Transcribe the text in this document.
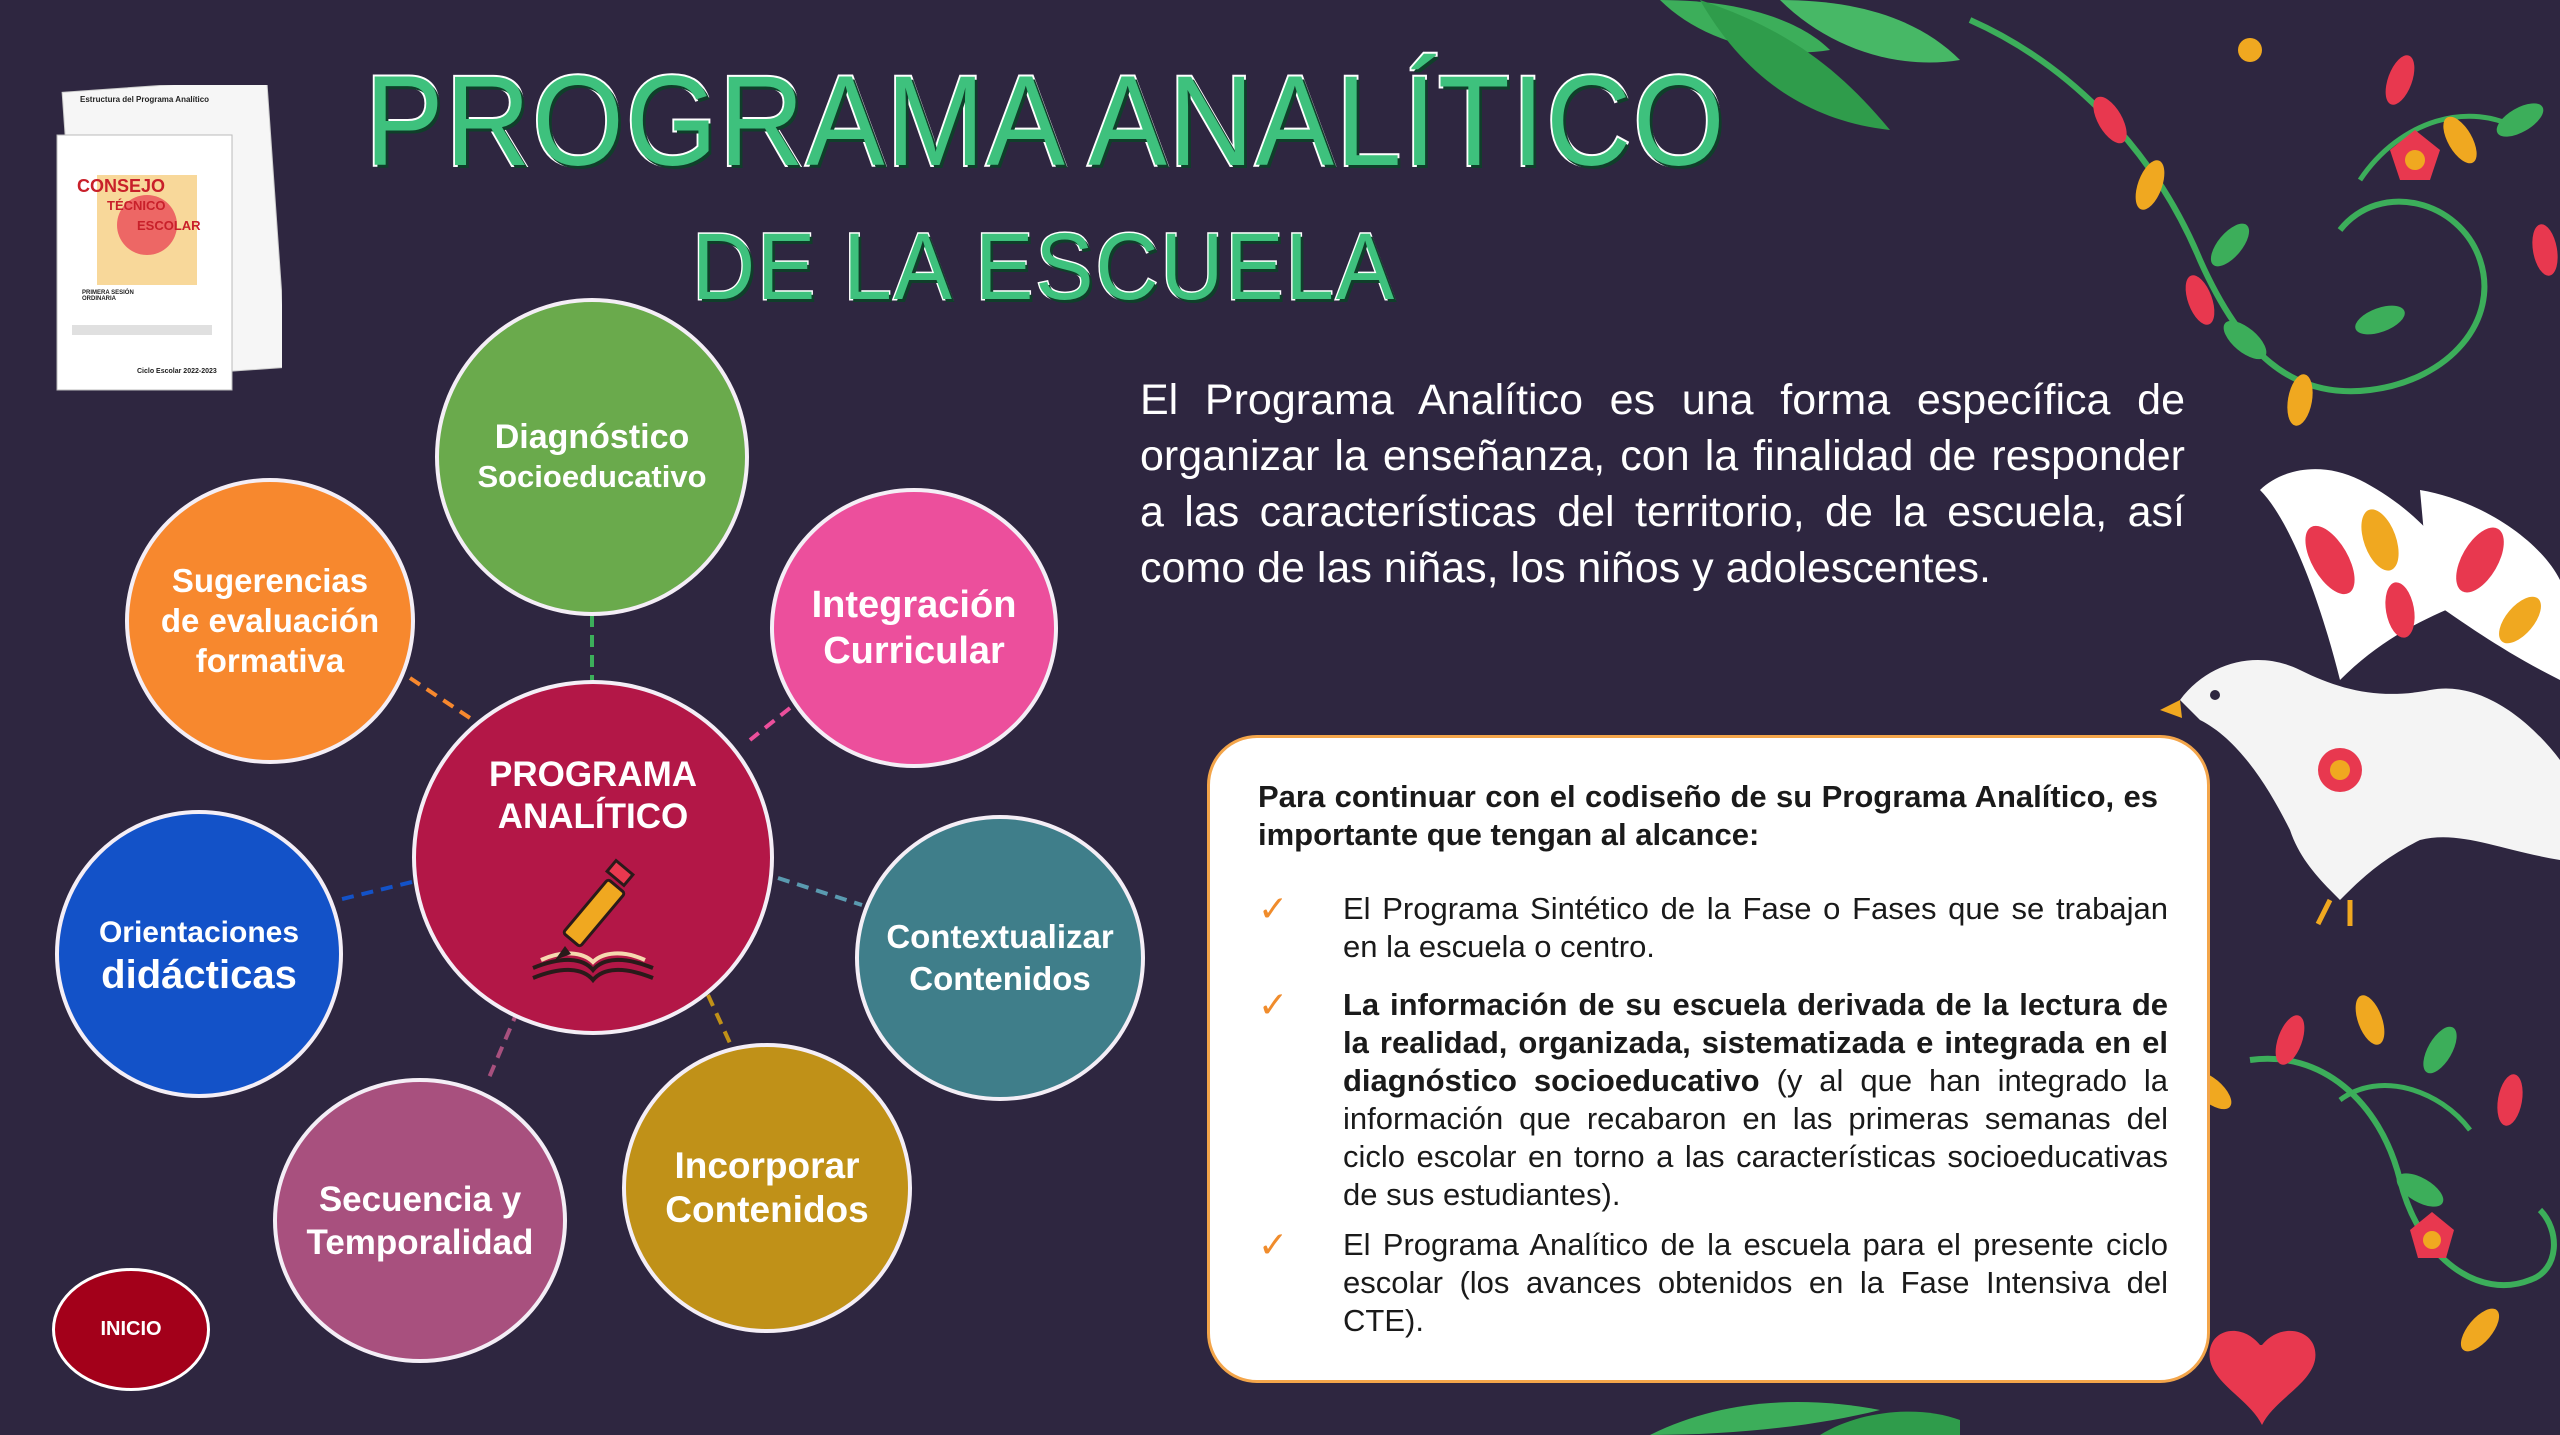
Estructura del Programa Analítico
CONSEJO
TÉCNICO
ESCOLAR
PRIMERA SESIÓN ORDINARIA
Ciclo Escolar 2022-2023
PROGRAMA ANALÍTICO
DE LA ESCUELA
El Programa Analítico es una forma específica de organizar la enseñanza, con la finalidad de responder a las características del territorio, de la escuela, así como de las niñas, los niños y adolescentes.
PROGRAMA
ANALÍTICO
Diagnóstico
Socioeducativo
Integración
Curricular
Contextualizar
Contenidos
Incorporar
Contenidos
Secuencia y
Temporalidad
Orientaciones
didácticas
Sugerencias
de evaluación
formativa
Para continuar con el codiseño de su Programa Analítico, es importante que tengan al alcance:
✓ El Programa Sintético de la Fase o Fases que se trabajan en la escuela o centro.
✓ La información de su escuela derivada de la lectura de la realidad, organizada, sistematizada e integrada en el diagnóstico socioeducativo (y al que han integrado la información que recabaron en las primeras semanas del ciclo escolar en torno a las características socioeducativas de sus estudiantes).
✓ El Programa Analítico de la escuela para el presente ciclo escolar (los avances obtenidos en la Fase Intensiva del CTE).
INICIO
